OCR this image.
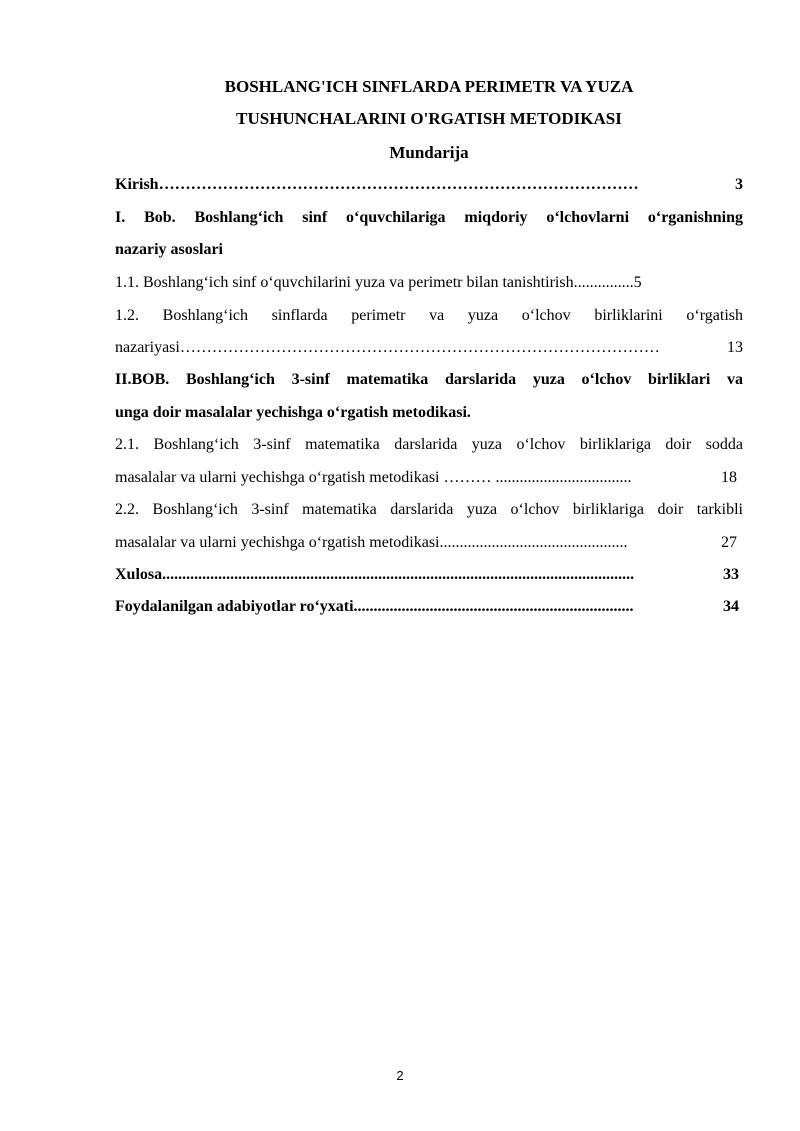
BOSHLANG'ICH SINFLARDA PERIMETR VA YUZA
TUSHUNCHALARINI O'RGATISH METODIKASI
Mundarija
Kirish ………………………………………………………………………………	3
I. Bob. Boshlang‘ich sinf o‘quvchilariga miqdoriy o‘lchovlarni o‘rganishning
nazariy asoslari
1.1. Boshlang‘ich sinf o‘quvchilarini yuza va perimetr bilan tanishtirish ............... 5
1.2. Boshlang‘ich sinflarda perimetr va yuza o‘lchov birliklarini o‘rgatish
nazariyasi ………………………………………………………………………………	13
II.BOB. Boshlang‘ich 3-sinf matematika darslarida yuza o‘lchov birliklari va
unga doir masalalar yechishga o‘rgatish metodikasi.
2.1. Boshlang‘ich 3-sinf matematika darslarida yuza o‘lchov birliklariga doir sodda
masalalar va ularni yechishga o‘rgatish metodikasi ……… ..................................	18
2.2. Boshlang‘ich 3-sinf matematika darslarida yuza o‘lchov birliklariga doir tarkibli
masalalar va ularni yechishga o‘rgatish metodikasi ...............................................	27
Xulosa ......................................................................................................................	33
Foydalanilgan adabiyotlar ro‘yxati ......................................................................	34
2
